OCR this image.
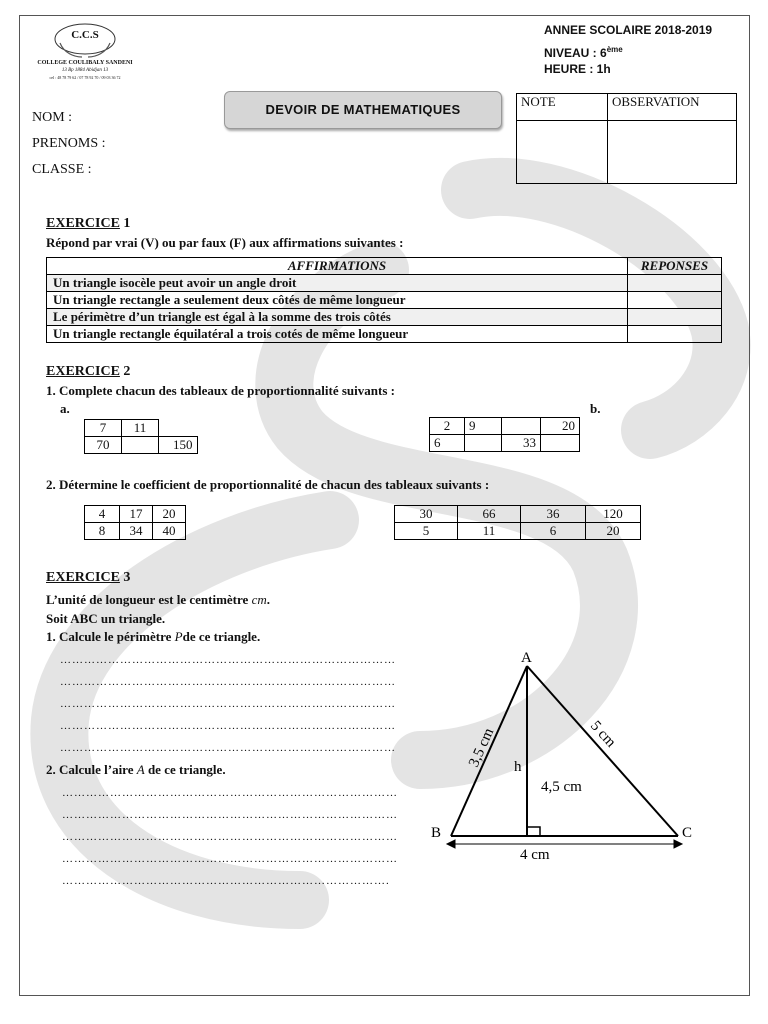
C.C.S
COLLEGE COULIBALY SANDENI
13 Bp 1884 Abidjan 13
cel : 48 78 79 62 / 07 78 92 70 / 09 03 36 72
ANNEE SCOLAIRE 2018-2019
NIVEAU : 6ème
HEURE : 1h
DEVOIR DE MATHEMATIQUES
NOM :
PRENOMS :
CLASSE :
NOTE	OBSERVATION

EXERCICE 1
Répond par vrai (V) ou par faux (F) aux affirmations suivantes :
AFFIRMATIONS	REPONSES
Un triangle isocèle peut avoir un angle droit	
Un triangle rectangle a seulement deux côtés de même longueur	
Le périmètre d’un triangle est égal à la somme des trois côtés	
Un triangle rectangle équilatéral a trois cotés de même longueur	
EXERCICE 2
1. Complete chacun des tableaux de proportionnalité suivants :
a.	b.
7	11	
70		150
2	9		20
6		33	
2. Détermine le coefficient de proportionnalité de chacun des tableaux suivants :
4	17	20
8	34	40
30	66	36	120
5	11	6	20
EXERCICE 3
L’unité de longueur est le centimètre cm.
Soit ABC un triangle.
1. Calcule le périmètre Pde ce triangle.
…………………………………………………………………………
…………………………………………………………………………
…………………………………………………………………………
…………………………………………………………………………
…………………………………………………………………………
2. Calcule l’aire A de ce triangle.
…………………………………………………………………………
…………………………………………………………………………
…………………………………………………………………………
…………………………………………………………………………
……………………………………………………………………….
A
B	C
h
4,5 cm
4 cm
3,5 cm	5 cm
